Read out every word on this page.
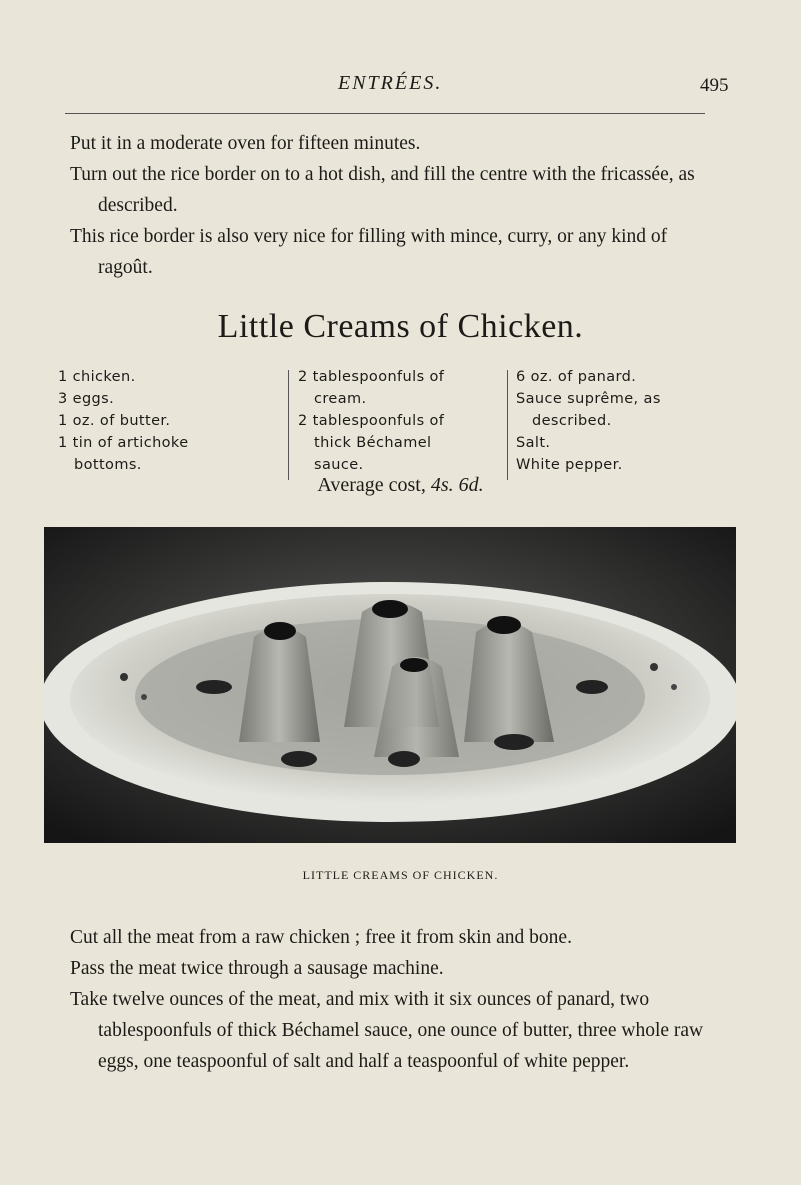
ENTRÉES.	495

Put it in a moderate oven for fifteen minutes.

Turn out the rice border on to a hot dish, and fill the centre with the fricassée, as described.

This rice border is also very nice for filling with mince, curry, or any kind of ragoût.

Little Creams of Chicken.
1 chicken.
3 eggs.
1 oz. of butter.
1 tin of artichoke
bottoms.
2 tablespoonfuls of
cream.
2 tablespoonfuls of
thick Béchamel
sauce.
6 oz. of panard.
Sauce suprême, as
described.
Salt.
White pepper.
Average cost, 4s. 6d.
LITTLE CREAMS OF CHICKEN.

Cut all the meat from a raw chicken ; free it from skin and bone.

Pass the meat twice through a sausage machine.

Take twelve ounces of the meat, and mix with it six ounces of panard, two tablespoonfuls of thick Béchamel sauce, one ounce of butter, three whole raw eggs, one teaspoonful of salt and half a teaspoonful of white pepper.
